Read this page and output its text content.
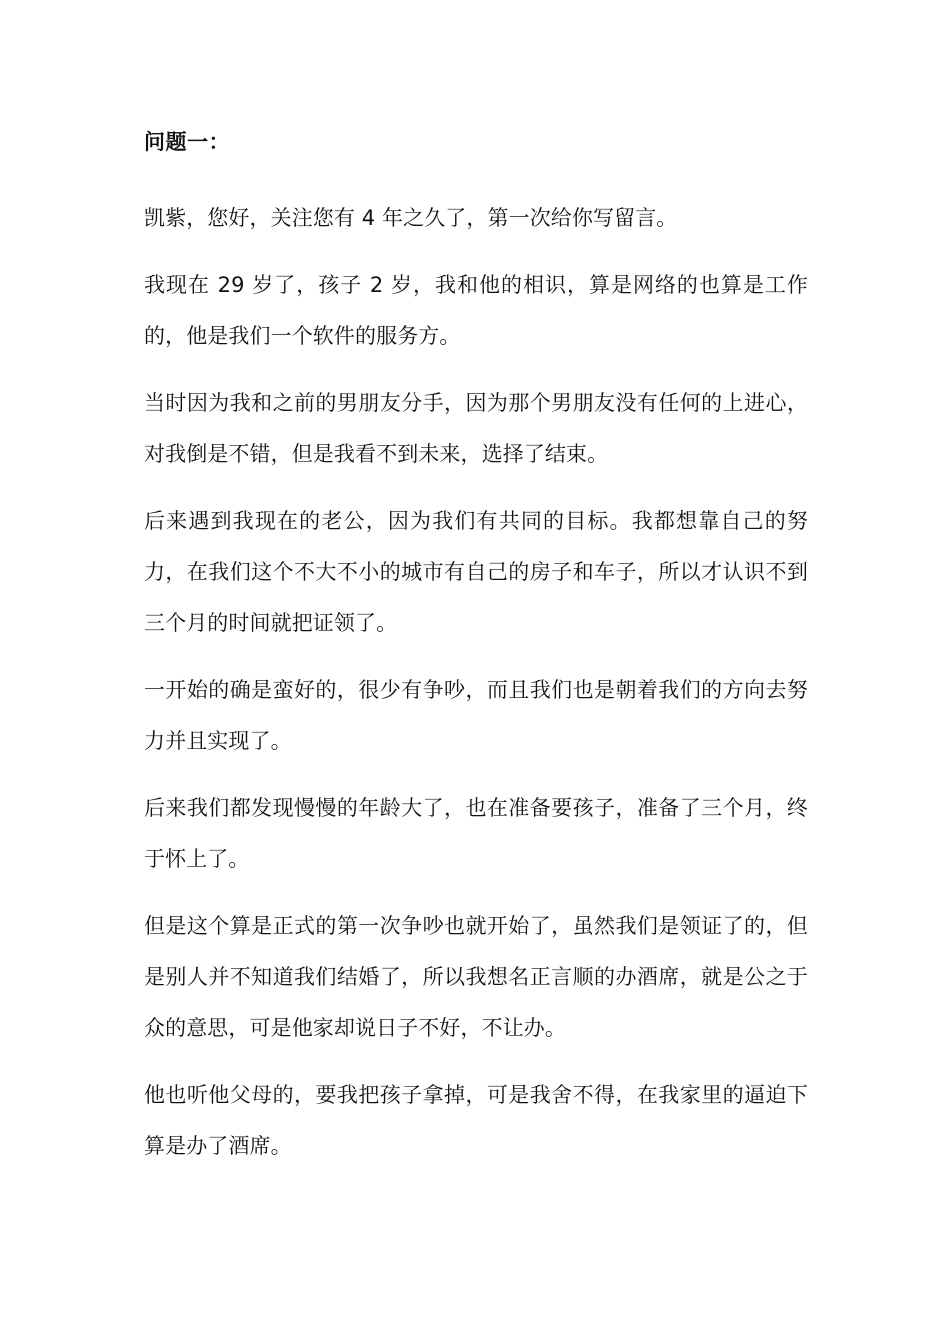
问题一：

凯紫，您好，关注您有 4 年之久了，第一次给你写留言。

我现在 29 岁了，孩子 2 岁，我和他的相识，算是网络的也算是工作的，他是我们一个软件的服务方。

当时因为我和之前的男朋友分手，因为那个男朋友没有任何的上进心，对我倒是不错，但是我看不到未来，选择了结束。

后来遇到我现在的老公，因为我们有共同的目标。我都想靠自己的努力，在我们这个不大不小的城市有自己的房子和车子，所以才认识不到三个月的时间就把证领了。

一开始的确是蛮好的，很少有争吵，而且我们也是朝着我们的方向去努力并且实现了。

后来我们都发现慢慢的年龄大了，也在准备要孩子，准备了三个月，终于怀上了。

但是这个算是正式的第一次争吵也就开始了，虽然我们是领证了的，但是别人并不知道我们结婚了，所以我想名正言顺的办酒席，就是公之于众的意思，可是他家却说日子不好，不让办。

他也听他父母的，要我把孩子拿掉，可是我舍不得，在我家里的逼迫下算是办了酒席。
